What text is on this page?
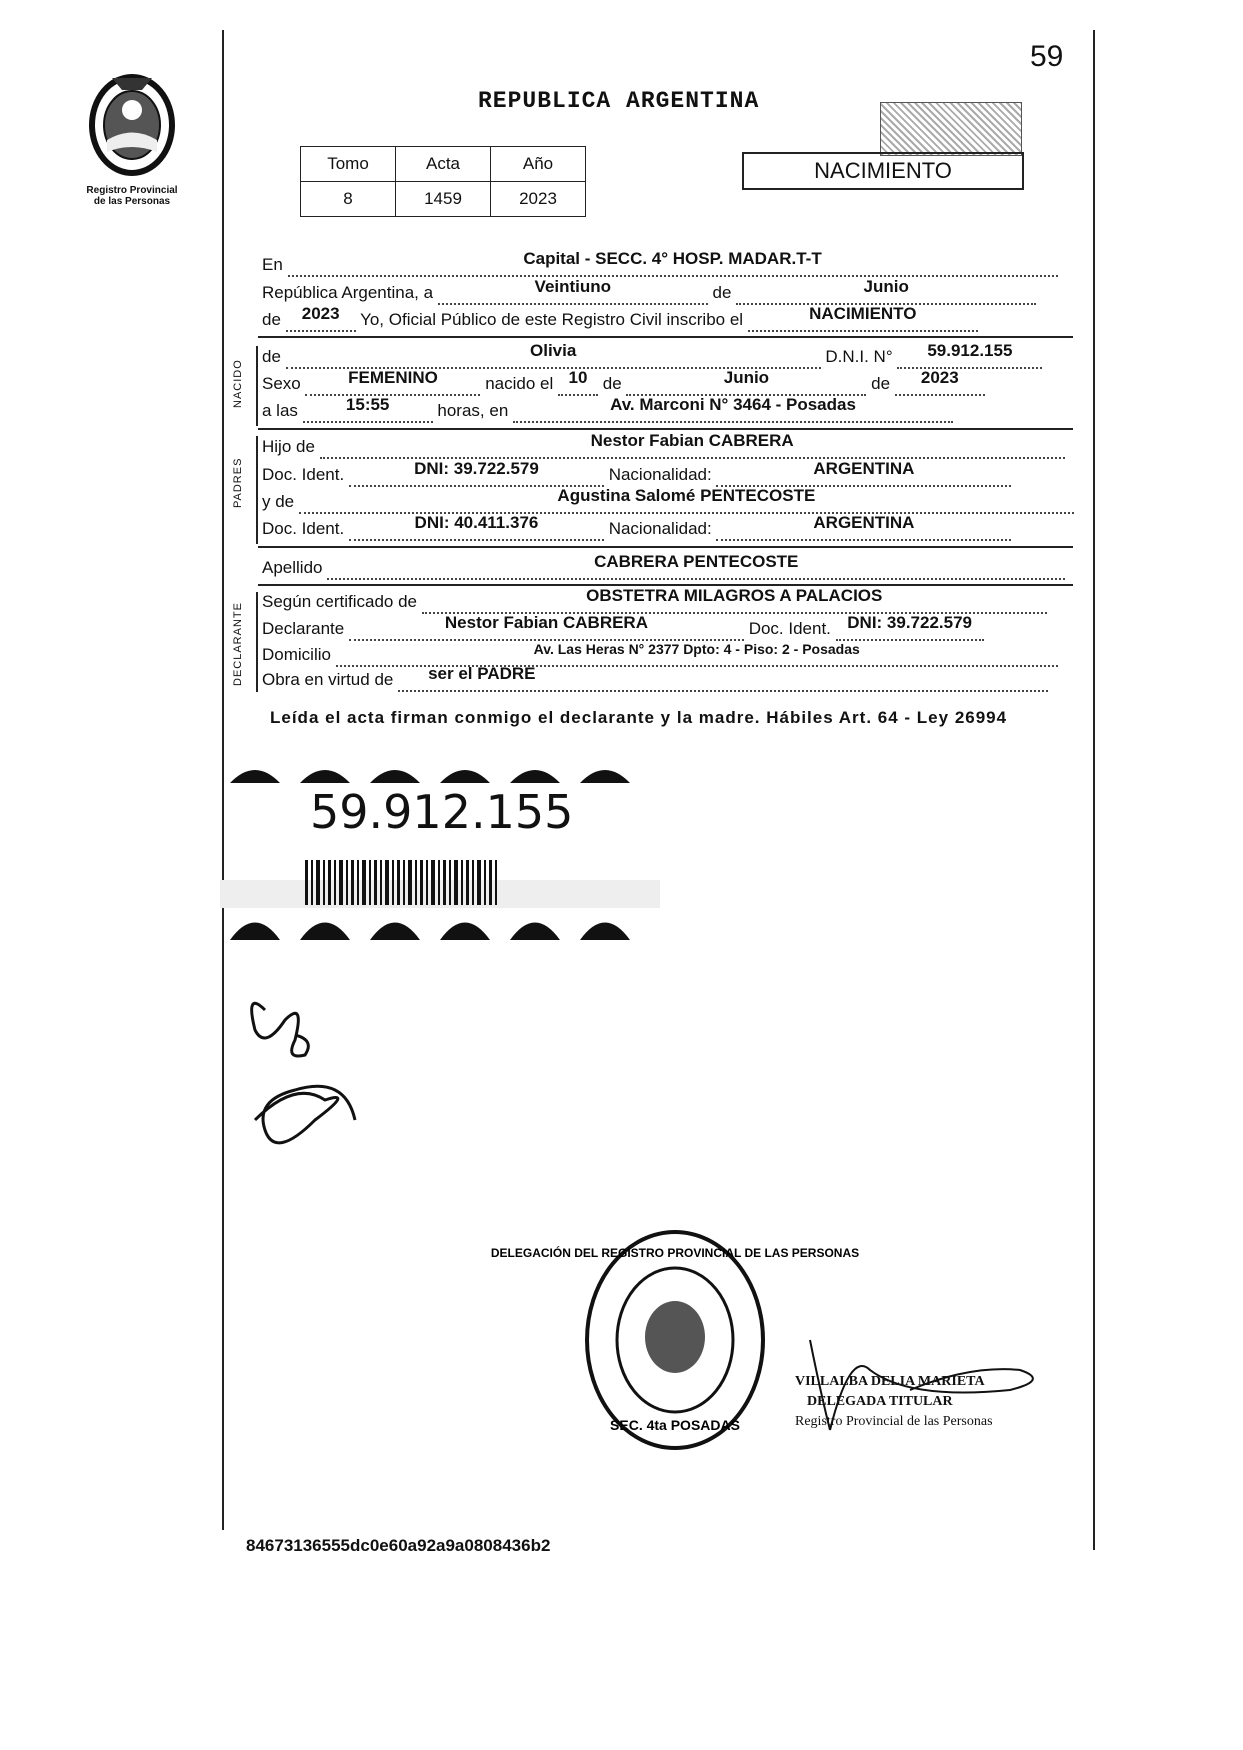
59
Registro Provincial
de las Personas
REPUBLICA ARGENTINA
Tomo	Acta	Año
8	1459	2023
NACIMIENTO
En	Capital - SECC. 4° HOSP. MADAR.T-T
República Argentina, a	Veintiuno	de	Junio
de 2023 Yo, Oficial Público de este Registro Civil inscribo el	NACIMIENTO
NACIDO
de	Olivia	D.N.I. N° 59.912.155
Sexo	FEMENINO	nacido el 10 de	Junio	de 2023
a las	15:55	horas, en	Av. Marconi N° 3464 - Posadas
PADRES
Hijo de	Nestor Fabian CABRERA
Doc. Ident.	DNI: 39.722.579	Nacionalidad:	ARGENTINA
y de	Agustina Salomé PENTECOSTE
Doc. Ident.	DNI: 40.411.376	Nacionalidad:	ARGENTINA
Apellido	CABRERA PENTECOSTE
DECLARANTE
Según certificado de	OBSTETRA MILAGROS A PALACIOS
Declarante	Nestor Fabian CABRERA	Doc. Ident. DNI: 39.722.579
Domicilio	$^{Av. Las Heras N^\circ 2377 Dpto: 4 - Piso: 2 - Posadas}$
Obra en virtud de ser el PADRE
Leída el acta firman conmigo el declarante y la madre. Hábiles Art. 64 - Ley 26994
59.912.155
DELEGACIÓN DEL REGISTRO PROVINCIAL DE LAS PERSONAS
SEC. 4ta POSADAS
VILLALBA DELIA MARIETA
DELEGADA TITULAR
Registro Provincial de las Personas
84673136555dc0e60a92a9a0808436b2
